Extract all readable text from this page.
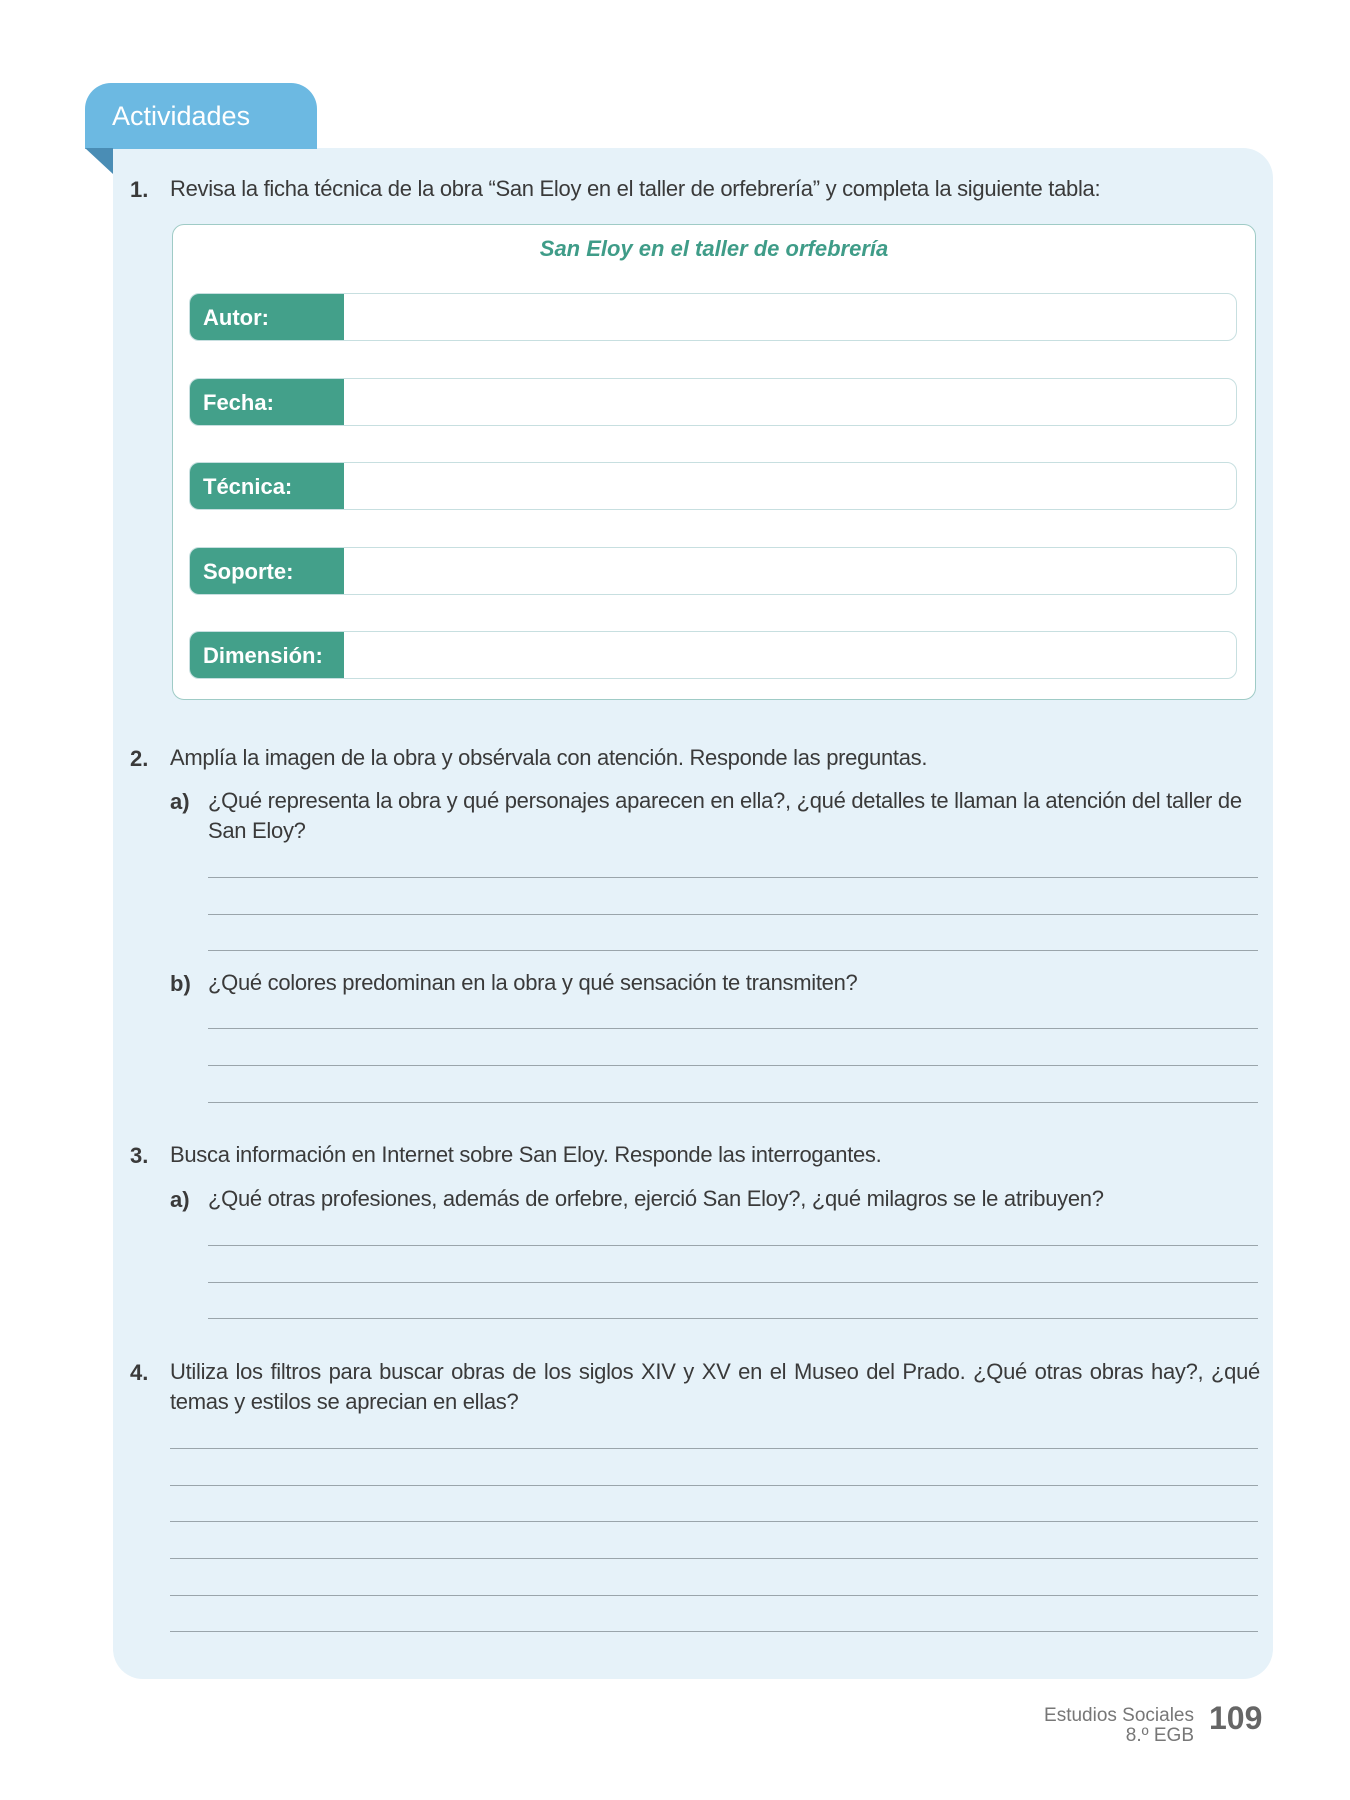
Actividades
1. Revisa la ficha técnica de la obra “San Eloy en el taller de orfebrería” y completa la siguiente tabla:
San Eloy en el taller de orfebrería
Autor:
Fecha:
Técnica:
Soporte:
Dimensión:
2. Amplía la imagen de la obra y obsérvala con atención. Responde las preguntas.
a) ¿Qué representa la obra y qué personajes aparecen en ella?, ¿qué detalles te llaman la atención del taller de San Eloy?
b) ¿Qué colores predominan en la obra y qué sensación te transmiten?
3. Busca información en Internet sobre San Eloy. Responde las interrogantes.
a) ¿Qué otras profesiones, además de orfebre, ejerció San Eloy?, ¿qué milagros se le atribuyen?
4. Utiliza los filtros para buscar obras de los siglos XIV y XV en el Museo del Prado. ¿Qué otras obras hay?, ¿qué temas y estilos se aprecian en ellas?
Estudios Sociales
8.º EGB 109
